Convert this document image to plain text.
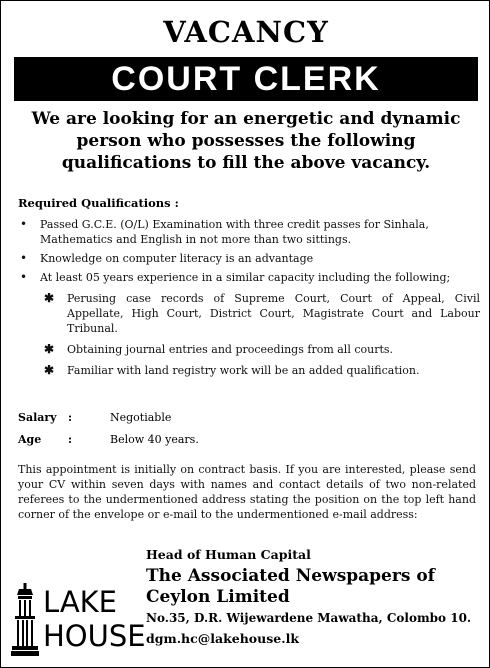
VACANCY
COURT CLERK
We are looking for an energetic and dynamic person who possesses the following qualifications to fill the above vacancy.
Required Qualifications :
• Passed G.C.E. (O/L) Examination with three credit passes for Sinhala, Mathematics and English in not more than two sittings.
• Knowledge on computer literacy is an advantage
• At least 05 years experience in a similar capacity including the following;
✱ Perusing case records of Supreme Court, Court of Appeal, Civil Appellate, High Court, District Court, Magistrate Court and Labour Tribunal.
✱ Obtaining journal entries and proceedings from all courts.
✱ Familiar with land registry work will be an added qualification.
Salary :	Negotiable
Age :	Below 40 years.
This appointment is initially on contract basis. If you are interested, please send your CV within seven days with names and contact details of two non-related referees to the undermentioned address stating the position on the top left hand corner of the envelope or e-mail to the undermentioned e-mail address:
Head of Human Capital
The Associated Newspapers of Ceylon Limited
No.35, D.R. Wijewardene Mawatha, Colombo 10.
dgm.hc@lakehouse.lk
LAKE
HOUSE
